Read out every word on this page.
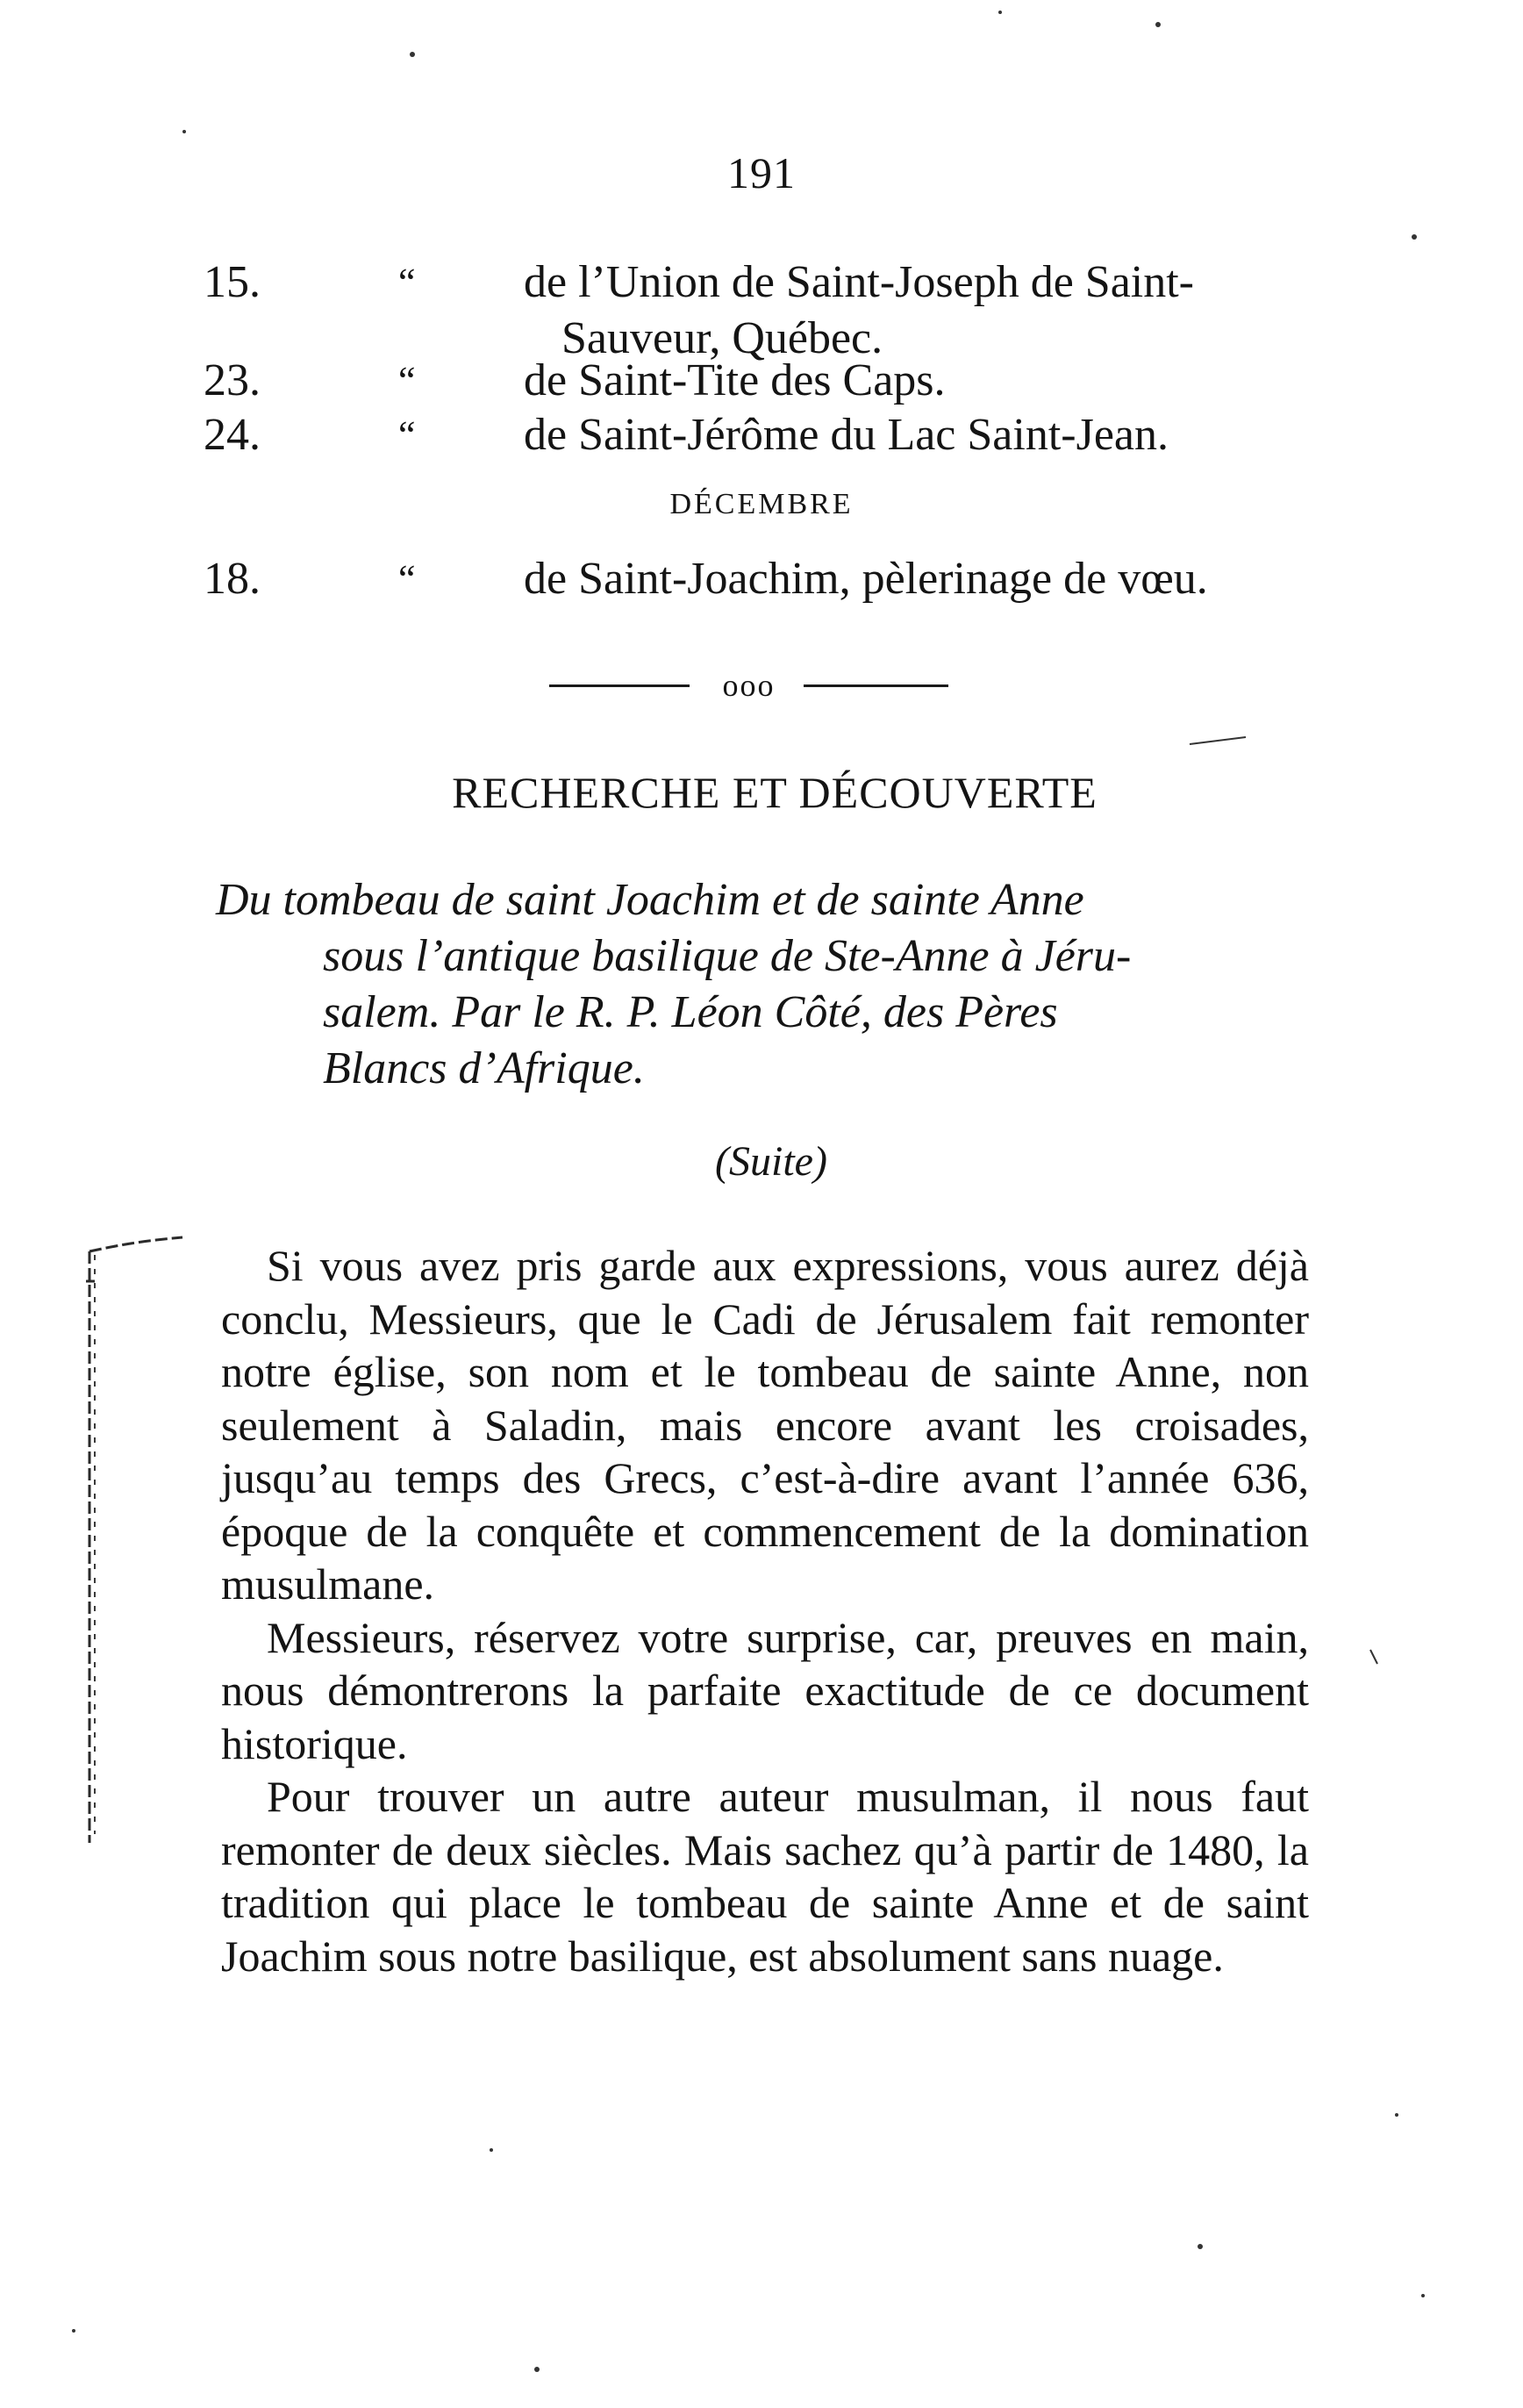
191
15.	“ de l’Union de Saint-Joseph de Saint-
Sauveur, Québec.
23.	“ de Saint-Tite des Caps.
24.	“ de Saint-Jérôme du Lac Saint-Jean.
DÉCEMBRE
18.	“ de Saint-Joachim, pèlerinage de vœu.
ooo
RECHERCHE ET DÉCOUVERTE
Du tombeau de saint Joachim et de sainte Anne
sous l’antique basilique de Ste-Anne à Jéru-
salem. Par le R. P. Léon Côté, des Pères
Blancs d’Afrique.
(Suite)

Si vous avez pris garde aux expressions, vous aurez déjà conclu, Messieurs, que le Cadi de Jérusalem fait remonter notre église, son nom et le tombeau de sainte Anne, non seulement à Saladin, mais encore avant les croisades, jusqu’au temps des Grecs, c’est-à-dire avant l’année 636, époque de la conquête et commencement de la domination musulmane.

Messieurs, réservez votre surprise, car, preuves en main, nous démontrerons la parfaite exactitude de ce document historique.

Pour trouver un autre auteur musulman, il nous faut remonter de deux siècles. Mais sachez qu’à partir de 1480, la tradition qui place le tombeau de sainte Anne et de saint Joachim sous notre basilique, est absolument sans nuage.
